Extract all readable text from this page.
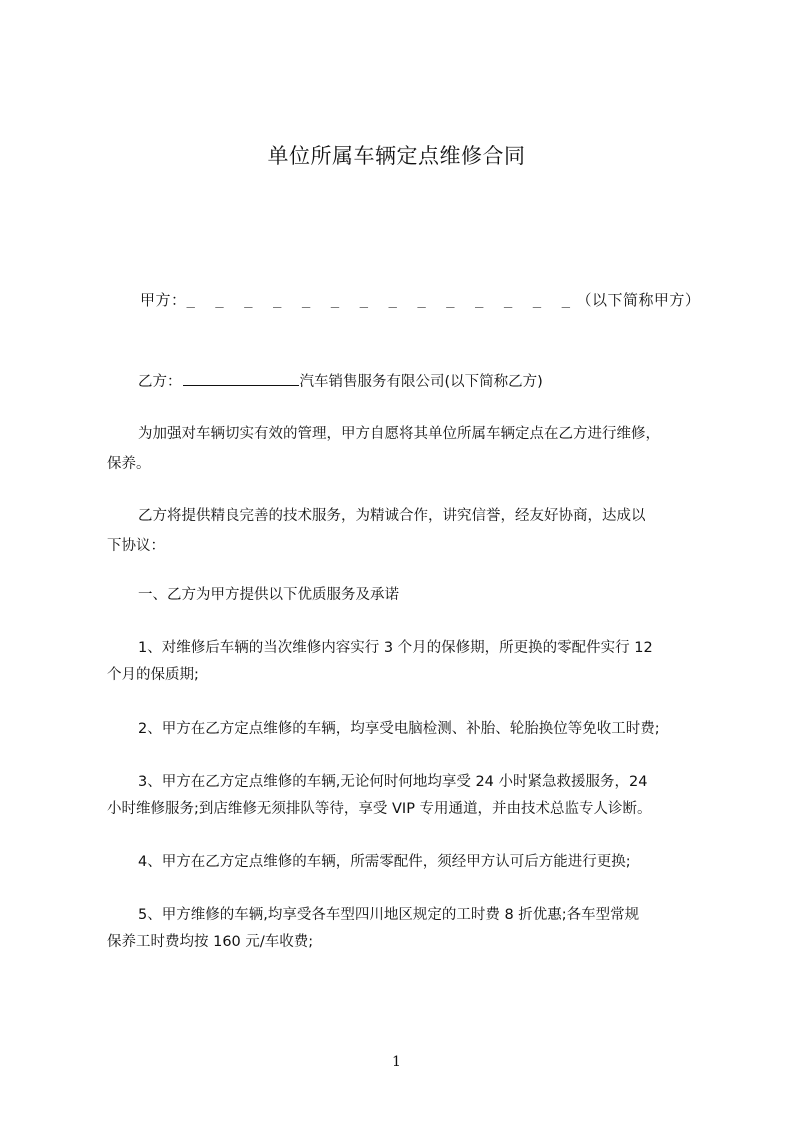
单位所属车辆定点维修合同
甲 方 ： _ _ _ _ _ _ _ _ _ _ _ _ _ _ （ 以 下 简 称 甲 方 ）
乙方：	汽车销售服务有限公司(以下简称乙方)
为加强对车辆切实有效的管理，甲方自愿将其单位所属车辆定点在乙方进行维修，
保养。
乙方将提供精良完善的技术服务，为精诚合作，讲究信誉，经友好协商，达成以
下协议：
一、乙方为甲方提供以下优质服务及承诺
1、对维修后车辆的当次维修内容实行 3 个月的保修期，所更换的零配件实行 12
个月的保质期;
2、甲方在乙方定点维修的车辆，均享受电脑检测、补胎、轮胎换位等免收工时费;
3、甲方在乙方定点维修的车辆,无论何时何地均享受 24 小时紧急救援服务，24
小时维修服务;到店维修无须排队等待，享受 VIP 专用通道，并由技术总监专人诊断。
4、甲方在乙方定点维修的车辆，所需零配件，须经甲方认可后方能进行更换;
5、甲方维修的车辆,均享受各车型四川地区规定的工时费 8 折优惠;各车型常规
保养工时费均按 160 元/车收费;
1
